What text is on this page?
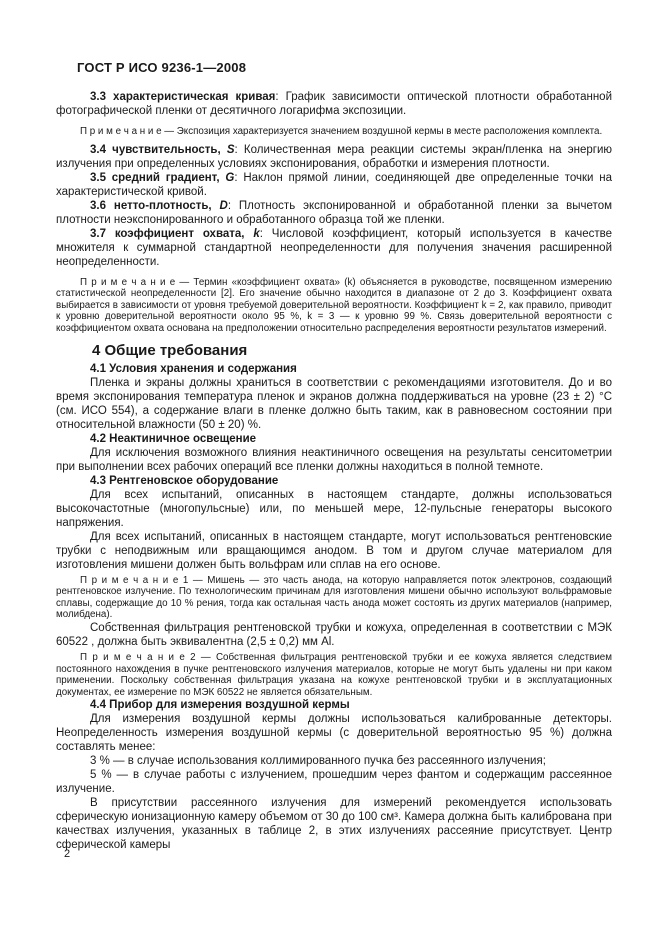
ГОСТ Р ИСО 9236-1—2008

3.3 характеристическая кривая: График зависимости оптической плотности обработанной фотографической пленки от десятичного логарифма экспозиции.

П р и м е ч а н и е — Экспозиция характеризуется значением воздушной кермы в месте расположения комплекта.

3.4 чувствительность, S: Количественная мера реакции системы экран/пленка на энергию излучения при определенных условиях экспонирования, обработки и измерения плотности.

3.5 средний градиент, G: Наклон прямой линии, соединяющей две определенные точки на характеристической кривой.

3.6 нетто-плотность, D: Плотность экспонированной и обработанной пленки за вычетом плотности неэкспонированного и обработанного образца той же пленки.

3.7 коэффициент охвата, k: Числовой коэффициент, который используется в качестве множителя к суммарной стандартной неопределенности для получения значения расширенной неопределенности.

П р и м е ч а н и е — Термин «коэффициент охвата» (k) объясняется в руководстве, посвященном измерению статистической неопределенности [2]. Его значение обычно находится в диапазоне от 2 до 3. Коэффициент охвата выбирается в зависимости от уровня требуемой доверительной вероятности. Коэффициент k = 2, как правило, приводит к уровню доверительной вероятности около 95 %, k = 3 — к уровню 99 %. Связь доверительной вероятности с коэффициентом охвата основана на предположении относительно распределения вероятности результатов измерений.

4 Общие требования

4.1 Условия хранения и содержания

Пленка и экраны должны храниться в соответствии с рекомендациями изготовителя. До и во время экспонирования температура пленок и экранов должна поддерживаться на уровне (23 ± 2) °С (см. ИСО 554), а содержание влаги в пленке должно быть таким, как в равновесном состоянии при относительной влажности (50 ± 20) %.

4.2 Неактиничное освещение

Для исключения возможного влияния неактиничного освещения на результаты сенситометрии при выполнении всех рабочих операций все пленки должны находиться в полной темноте.

4.3 Рентгеновское оборудование

Для всех испытаний, описанных в настоящем стандарте, должны использоваться высокочастотные (многопульсные) или, по меньшей мере, 12-пульсные генераторы высокого напряжения.

Для всех испытаний, описанных в настоящем стандарте, могут использоваться рентгеновские трубки с неподвижным или вращающимся анодом. В том и другом случае материалом для изготовления мишени должен быть вольфрам или сплав на его основе.

П р и м е ч а н и е 1 — Мишень — это часть анода, на которую направляется поток электронов, создающий рентгеновское излучение. По технологическим причинам для изготовления мишени обычно используют вольфрамовые сплавы, содержащие до 10 % рения, тогда как остальная часть анода может состоять из других материалов (например, молибдена).

Собственная фильтрация рентгеновской трубки и кожуха, определенная в соответствии с МЭК 60522 , должна быть эквивалентна (2,5 ± 0,2) мм Al.

П р и м е ч а н и е 2 — Собственная фильтрация рентгеновской трубки и ее кожуха является следствием постоянного нахождения в пучке рентгеновского излучения материалов, которые не могут быть удалены ни при каком применении. Поскольку собственная фильтрация указана на кожухе рентгеновской трубки и в эксплуатационных документах, ее измерение по МЭК 60522 не является обязательным.

4.4 Прибор для измерения воздушной кермы

Для измерения воздушной кермы должны использоваться калиброванные детекторы. Неопределенность измерения воздушной кермы (с доверительной вероятностью 95 %) должна составлять менее:

3 % — в случае использования коллимированного пучка без рассеянного излучения;

5 % — в случае работы с излучением, прошедшим через фантом и содержащим рассеянное излучение.

В присутствии рассеянного излучения для измерений рекомендуется использовать сферическую ионизационную камеру объемом от 30 до 100 см³. Камера должна быть калибрована при качествах излучения, указанных в таблице 2, в этих излучениях рассеяние присутствует. Центр сферической камеры

2
